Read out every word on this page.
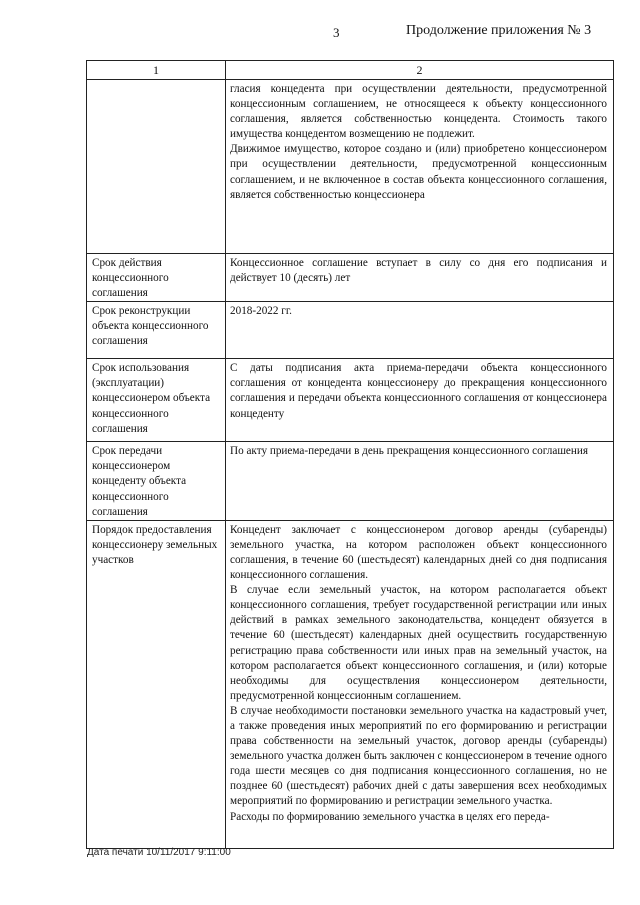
3	Продолжение приложения № 3
1	2

	гласия концедента при осуществлении деятельности, предусмотренной концессионным соглашением, не относящееся к объекту концессионного соглашения, является собственностью концедента. Стоимость такого имущества концедентом возмещению не подлежит.

Движимое имущество, которое создано и (или) приобретено концессионером при осуществлении деятельности, предусмотренной концессионным соглашением, и не включенное в состав объекта концессионного соглашения, является собственностью концессионера

Срок действия концессионного соглашения	Концессионное соглашение вступает в силу со дня его подписания и действует 10 (десять) лет

Срок реконструкции объекта концессионного соглашения	2018-2022 гг.

Срок использования (эксплуатации) концессионером объекта концессионного соглашения	С даты подписания акта приема-передачи объекта концессионного соглашения от концедента концессионеру до прекращения концессионного соглашения и передачи объекта концессионного соглашения от концессионера концеденту

Срок передачи концессионером концеденту объекта концессионного соглашения	По акту приема-передачи в день прекращения концессионного соглашения

Порядок предоставления концессионеру земельных участков	Концедент заключает с концессионером договор аренды (субаренды) земельного участка, на котором расположен объект концессионного соглашения, в течение 60 (шестьдесят) календарных дней со дня подписания концессионного соглашения.

В случае если земельный участок, на котором располагается объект концессионного соглашения, требует государственной регистрации или иных действий в рамках земельного законодательства, концедент обязуется в течение 60 (шестьдесят) календарных дней осуществить государственную регистрацию права собственности или иных прав на земельный участок, на котором располагается объект концессионного соглашения, и (или) которые необходимы для осуществления концессионером деятельности, предусмотренной концессионным соглашением.

В случае необходимости постановки земельного участка на кадастровый учет, а также проведения иных мероприятий по его формированию и регистрации права собственности на земельный участок, договор аренды (субаренды) земельного участка должен быть заключен с концессионером в течение одного года шести месяцев со дня подписания концессионного соглашения, но не позднее 60 (шестьдесят) рабочих дней с даты завершения всех необходимых мероприятий по формированию и регистрации земельного участка.

Расходы по формированию земельного участка в целях его переда-

Дата печати 10/11/2017 9:11:00
